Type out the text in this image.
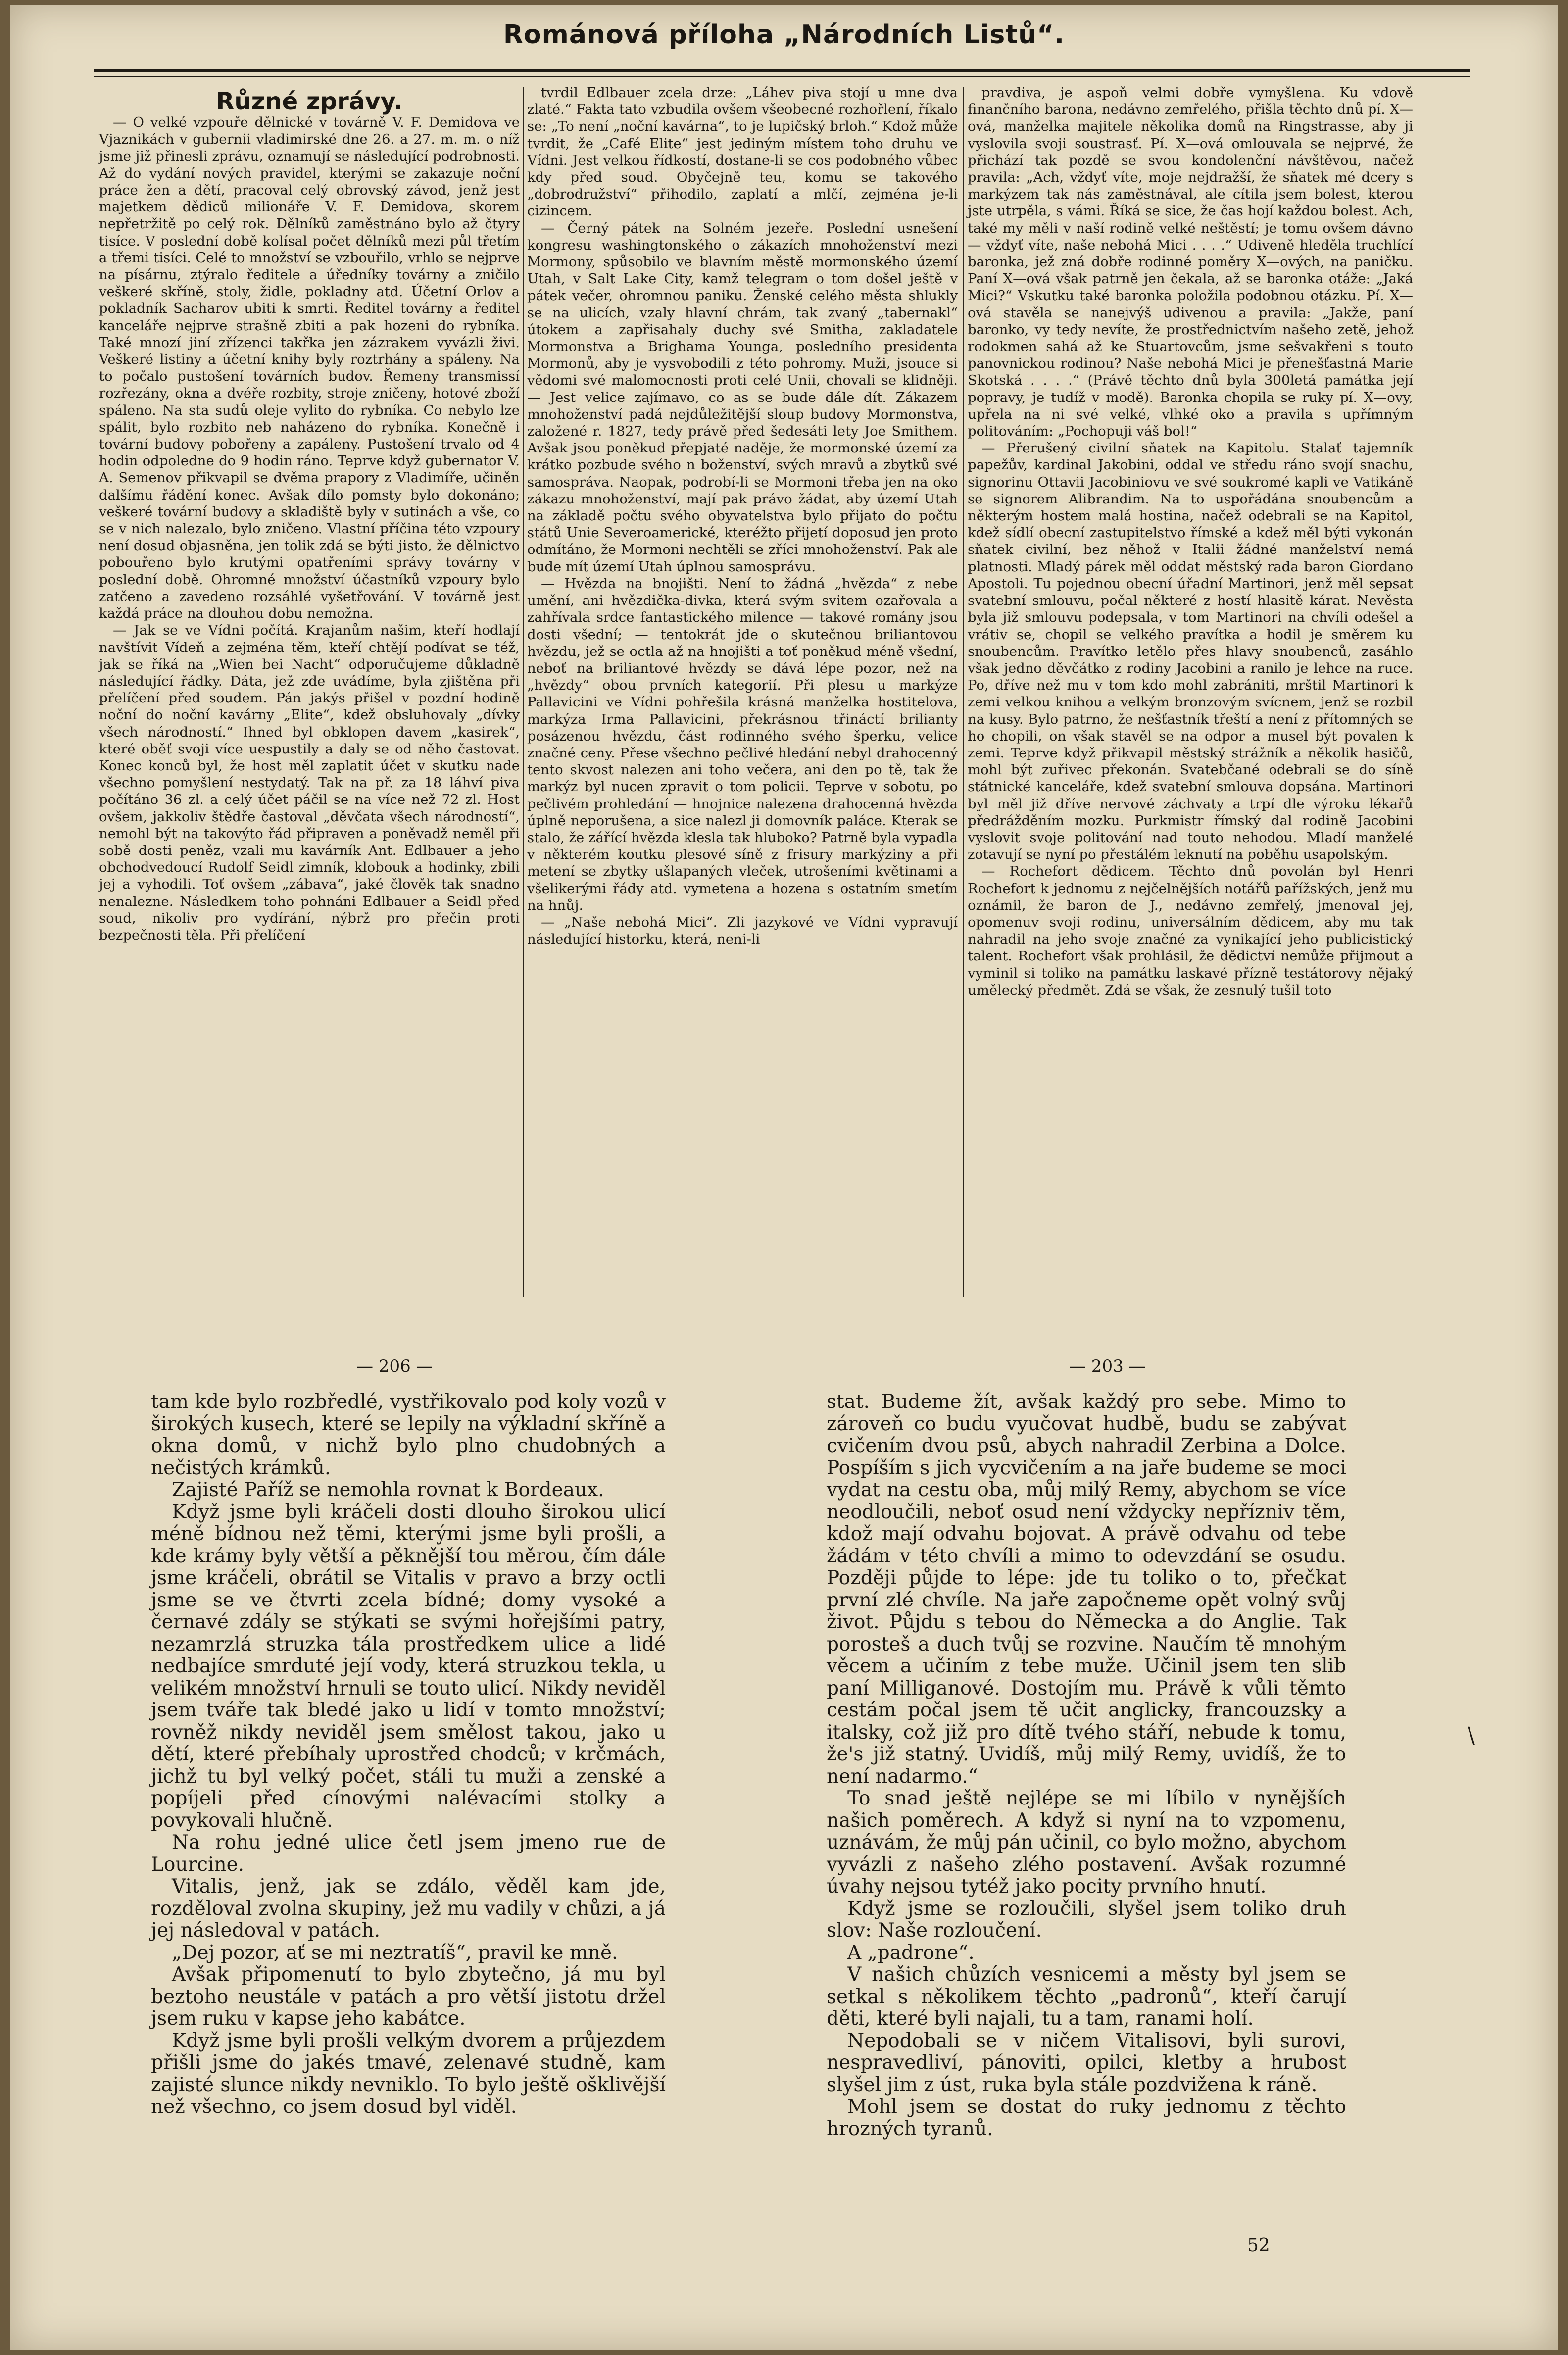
Románová příloha „Národních Listů“.
Různé zprávy.

— O velké vzpouře dělnické v továrně V. F. Demidova ve Vjaznikách v gubernii vladimirské dne 26. a 27. m. m. o níž jsme již přinesli zprávu, oznamují se následující podrobnosti. Až do vydání nových pravidel, kterými se zakazuje noční práce žen a dětí, pracoval celý obrovský závod, jenž jest majetkem dědiců milionáře V. F. Demidova, skorem nepřetržitě po celý rok. Dělníků zaměstnáno bylo až čtyry tisíce. V poslední době kolísal počet dělníků mezi půl třetím a třemi tisíci. Celé to množství se vzbouřilo, vrhlo se nejprve na písárnu, ztýralo ředitele a úředníky továrny a zničilo veškeré skříně, stoly, židle, pokladny atd. Účetní Orlov a pokladník Sacharov ubiti k smrti. Ředitel továrny a ředitel kanceláře nejprve strašně zbiti a pak hozeni do rybníka. Také mnozí jiní zřízenci takřka jen zázrakem vyvázli živi. Veškeré listiny a účetní knihy byly roztrhány a spáleny. Na to počalo pustošení továrních budov. Řemeny transmissí rozřezány, okna a dvéře rozbity, stroje zničeny, hotové zboží spáleno. Na sta sudů oleje vylito do rybníka. Co nebylo lze spálit, bylo rozbito neb naházeno do rybníka. Konečně i tovární budovy pobořeny a zapáleny. Pustošení trvalo od 4 hodin odpoledne do 9 hodin ráno. Teprve když gubernator V. A. Semenov přikvapil se dvěma prapory z Vladimíře, učiněn dalšímu řádění konec. Avšak dílo pomsty bylo dokonáno; veškeré tovární budovy a skladiště byly v sutinách a vše, co se v nich nalezalo, bylo zničeno. Vlastní příčina této vzpoury není dosud objasněna, jen tolik zdá se býti jisto, že dělnictvo pobouřeno bylo krutými opatřeními správy továrny v poslední době. Ohromné množství účastníků vzpoury bylo zatčeno a zavedeno rozsáhlé vyšetřování. V továrně jest každá práce na dlouhou dobu nemožna.

— Jak se ve Vídni počítá. Krajanům našim, kteří hodlají navštívit Vídeň a zejména těm, kteří chtějí podívat se též, jak se říká na „Wien bei Nacht“ odporučujeme důkladně následující řádky. Dáta, jež zde uvádíme, byla zjištěna při přelíčení před soudem. Pán jakýs přišel v pozdní hodině noční do noční kavárny „Elite“, kdež obsluhovaly „dívky všech národností.“ Ihned byl obklopen davem „kasirek“, které oběť svoji více uespustily a daly se od něho častovat. Konec konců byl, že host měl zaplatit účet v skutku nade všechno pomyšlení nestydatý. Tak na př. za 18 láhví piva počítáno 36 zl. a celý účet páčil se na více než 72 zl. Host ovšem, jakkoliv štědře častoval „děvčata všech národností“, nemohl být na takovýto řád připraven a poněvadž neměl při sobě dosti peněz, vzali mu kavárník Ant. Edlbauer a jeho obchodvedoucí Rudolf Seidl zimník, klobouk a hodinky, zbili jej a vyhodili. Toť ovšem „zábava“, jaké člověk tak snadno nenalezne. Následkem toho pohnáni Edlbauer a Seidl před soud, nikoliv pro vydírání, nýbrž pro přečin proti bezpečnosti těla. Při přelíčení

tvrdil Edlbauer zcela drze: „Láhev piva stojí u mne dva zlaté.“ Fakta tato vzbudila ovšem všeobecné rozhořlení, říkalo se: „To není „noční kavárna“, to je lupičský brloh.“ Kdož může tvrdit, že „Café Elite“ jest jediným místem toho druhu ve Vídni. Jest velkou řídkostí, dostane-li se cos podobného vůbec kdy před soud. Obyčejně teu, komu se takového „dobrodružství“ přihodilo, zaplatí a mlčí, zejména je-li cizincem.

— Černý pátek na Solném jezeře. Poslední usnešení kongresu washingtonského o zákazích mnohoženství mezi Mormony, spůsobilo ve blavním městě mormonského území Utah, v Salt Lake City, kamž telegram o tom došel ještě v pátek večer, ohromnou paniku. Ženské celého města shlukly se na ulicích, vzaly hlavní chrám, tak zvaný „tabernakl“ útokem a zapřisahaly duchy své Smitha, zakladatele Mormonstva a Brighama Younga, posledního presidenta Mormonů, aby je vysvobodili z této pohromy. Muži, jsouce si vědomi své malomocnosti proti celé Unii, chovali se klidněji. — Jest velice zajímavo, co as se bude dále dít. Zákazem mnohoženství padá nejdůležitější sloup budovy Mormonstva, založené r. 1827, tedy právě před šedesáti lety Joe Smithem. Avšak jsou poněkud přepjaté naděje, že mormonské území za krátko pozbude svého n boženství, svých mravů a zbytků své samospráva. Naopak, podrobí-li se Mormoni třeba jen na oko zákazu mnohoženství, mají pak právo žádat, aby území Utah na základě počtu svého obyvatelstva bylo přijato do počtu států Unie Severoamerické, kteréžto přijetí doposud jen proto odmítáno, že Mormoni nechtěli se zříci mnohoženství. Pak ale bude mít území Utah úplnou samosprávu.

— Hvězda na bnojišti. Není to žádná „hvězda“ z nebe umění, ani hvězdička-divka, která svým svitem ozařovala a zahřívala srdce fantastického milence — takové romány jsou dosti všední; — tentokrát jde o skutečnou briliantovou hvězdu, jež se octla až na hnojišti a toť poněkud méně všední, neboť na briliantové hvězdy se dává lépe pozor, než na „hvězdy“ obou prvních kategorií. Při plesu u markýze Pallavicini ve Vídni pohřešila krásná manželka hostitelova, markýza Irma Pallavicini, překrásnou třináctí brilianty posázenou hvězdu, část rodinného svého šperku, velice značné ceny. Přese všechno pečlivé hledání nebyl drahocenný tento skvost nalezen ani toho večera, ani den po tě, tak že markýz byl nucen zpravit o tom policii. Teprve v sobotu, po pečlivém prohledání — hnojnice nalezena drahocenná hvězda úplně neporušena, a sice nalezl ji domovník paláce. Kterak se stalo, že zářící hvězda klesla tak hluboko? Patrně byla vypadla v některém koutku plesové síně z frisury markýziny a při metení se zbytky ušlapaných vleček, utrošeními květinami a všelikerými řády atd. vymetena a hozena s ostatním smetím na hnůj.

— „Naše nebohá Mici“. Zli jazykové ve Vídni vypravují následující historku, která, neni-li

pravdiva, je aspoň velmi dobře vymyšlena. Ku vdově finančního barona, nedávno zemřelého, přišla těchto dnů pí. X—ová, manželka majitele několika domů na Ringstrasse, aby ji vyslovila svoji soustrasť. Pí. X—ová omlouvala se nejprvé, že přichází tak pozdě se svou kondolenční návštěvou, načež pravila: „Ach, vždyť víte, moje nejdražší, že sňatek mé dcery s markýzem tak nás zaměstnával, ale cítila jsem bolest, kterou jste utrpěla, s vámi. Říká se sice, že čas hojí každou bolest. Ach, také my měli v naší rodině velké neštěstí; je tomu ovšem dávno — vždyť víte, naše nebohá Mici . . . .“ Udiveně hleděla truchlící baronka, jež zná dobře rodinné poměry X—ových, na paničku. Paní X—ová však patrně jen čekala, až se baronka otáže: „Jaká Mici?“ Vskutku také baronka položila podobnou otázku. Pí. X—ová stavěla se nanejvýš udivenou a pravila: „Jakže, paní baronko, vy tedy nevíte, že prostřednictvím našeho zetě, jehož rodokmen sahá až ke Stuartovcům, jsme sešvakřeni s touto panovnickou rodinou? Naše nebohá Mici je přenešťastná Marie Skotská . . . .“ (Právě těchto dnů byla 300letá památka její popravy, je tudíž v modě). Baronka chopila se ruky pí. X—ovy, upřela na ni své velké, vlhké oko a pravila s upřímným politováním: „Pochopuji váš bol!“

— Přerušený civilní sňatek na Kapitolu. Stalať tajemník papežův, kardinal Jakobini, oddal ve středu ráno svojí snachu, signorinu Ottavii Jacobiniovu ve své soukromé kapli ve Vatikáně se signorem Alibrandim. Na to uspořádána snoubencům a některým hostem malá hostina, načež odebrali se na Kapitol, kdež sídlí obecní zastupitelstvo římské a kdež měl býti vykonán sňatek civilní, bez něhož v Italii žádné manželství nemá platnosti. Mladý párek měl oddat městský rada baron Giordano Apostoli. Tu pojednou obecní úřadní Martinori, jenž měl sepsat svatební smlouvu, počal některé z hostí hlasitě kárat. Nevěsta byla již smlouvu podepsala, v tom Martinori na chvíli odešel a vrátiv se, chopil se velkého pravítka a hodil je směrem ku snoubencům. Pravítko letělo přes hlavy snoubenců, zasáhlo však jedno děvčátko z rodiny Jacobini a ranilo je lehce na ruce. Po, dříve než mu v tom kdo mohl zabrániti, mrštil Martinori k zemi velkou knihou a velkým bronzovým svícnem, jenž se rozbil na kusy. Bylo patrno, že nešťastník třeští a není z přítomných se ho chopili, on však stavěl se na odpor a musel být povalen k zemi. Teprve když přikvapil městský strážník a několik hasičů, mohl být zuřivec překonán. Svatebčané odebrali se do síně státnické kanceláře, kdež svatební smlouva dopsána. Martinori byl měl již dříve nervové záchvaty a trpí dle výroku lékařů předrážděním mozku. Purkmistr římský dal rodině Jacobini vyslovit svoje politování nad touto nehodou. Mladí manželé zotavují se nyní po přestálém leknutí na poběhu usapolským.

— Rochefort dědicem. Těchto dnů povolán byl Henri Rochefort k jednomu z nejčelnějších notářů pařížských, jenž mu oznámil, že baron de J., nedávno zemřelý, jmenoval jej, opomenuv svoji rodinu, universálním dědicem, aby mu tak nahradil na jeho svoje značné za vynikající jeho publicistický talent. Rochefort však prohlásil, že dědictví nemůže přijmout a vyminil si toliko na památku laskavé přízně testátorovy nějaký umělecký předmět. Zdá se však, že zesnulý tušil toto

— 206 —	— 203 —

tam kde bylo rozbředlé, vystřikovalo pod koly vozů v širokých kusech, které se lepily na výkladní skříně a okna domů, v nichž bylo plno chudobných a nečistých krámků.

Zajisté Paříž se nemohla rovnat k Bordeaux.

Když jsme byli kráčeli dosti dlouho širokou ulicí méně bídnou než těmi, kterými jsme byli prošli, a kde krámy byly větší a pěknější tou měrou, čím dále jsme kráčeli, obrátil se Vitalis v pravo a brzy octli jsme se ve čtvrti zcela bídné; domy vysoké a černavé zdály se stýkati se svými hořejšími patry, nezamrzlá struzka tála prostředkem ulice a lidé nedbajíce smrduté její vody, která struzkou tekla, u velikém množství hrnuli se touto ulicí. Nikdy neviděl jsem tváře tak bledé jako u lidí v tomto množství; rovněž nikdy neviděl jsem smělost takou, jako u dětí, které přebíhaly uprostřed chodců; v krčmách, jichž tu byl velký počet, stáli tu muži a zenské a popíjeli před cínovými nalévacími stolky a povykovali hlučně.

Na rohu jedné ulice četl jsem jmeno rue de Lourcine.

Vitalis, jenž, jak se zdálo, věděl kam jde, rozděloval zvolna skupiny, jež mu vadily v chůzi, a já jej následoval v patách.

„Dej pozor, ať se mi neztratíš“, pravil ke mně.

Avšak připomenutí to bylo zbytečno, já mu byl beztoho neustále v patách a pro větší jistotu držel jsem ruku v kapse jeho kabátce.

Když jsme byli prošli velkým dvorem a průjezdem přišli jsme do jakés tmavé, zelenavé studně, kam zajisté slunce nikdy nevniklo. To bylo ještě ošklivější než všechno, co jsem dosud byl viděl.

stat. Budeme žít, avšak každý pro sebe. Mimo to zároveň co budu vyučovat hudbě, budu se zabývat cvičením dvou psů, abych nahradil Zerbina a Dolce. Pospíším s jich vycvičením a na jaře budeme se moci vydat na cestu oba, můj milý Remy, abychom se více neodloučili, neboť osud není vždycky nepřízniv těm, kdož mají odvahu bojovat. A právě odvahu od tebe žádám v této chvíli a mimo to odevzdání se osudu. Později půjde to lépe: jde tu toliko o to, přečkat první zlé chvíle. Na jaře započneme opět volný svůj život. Půjdu s tebou do Německa a do Anglie. Tak porosteš a duch tvůj se rozvine. Naučím tě mnohým věcem a učiním z tebe muže. Učinil jsem ten slib paní Milliganové. Dostojím mu. Právě k vůli těmto cestám počal jsem tě učit anglicky, francouzsky a italsky, což již pro dítě tvého stáří, nebude k tomu, že's již statný. Uvidíš, můj milý Remy, uvidíš, že to není nadarmo.“

To snad ještě nejlépe se mi líbilo v nynějších našich poměrech. A když si nyní na to vzpomenu, uznávám, že můj pán učinil, co bylo možno, abychom vyvázli z našeho zlého postavení. Avšak rozumné úvahy nejsou tytéž jako pocity prvního hnutí.

Když jsme se rozloučili, slyšel jsem toliko druh slov: Naše rozloučení.

A „padrone“.

V našich chůzích vesnicemi a městy byl jsem se setkal s několikem těchto „padronů“, kteří čarují děti, které byli najali, tu a tam, ranami holí.

Nepodobali se v ničem Vitalisovi, byli surovi, nespravedliví, pánoviti, opilci, kletby a hrubost slyšel jim z úst, ruka byla stále pozdvižena k ráně.

Mohl jsem se dostat do ruky jednomu z těchto hrozných tyranů.

\
52
